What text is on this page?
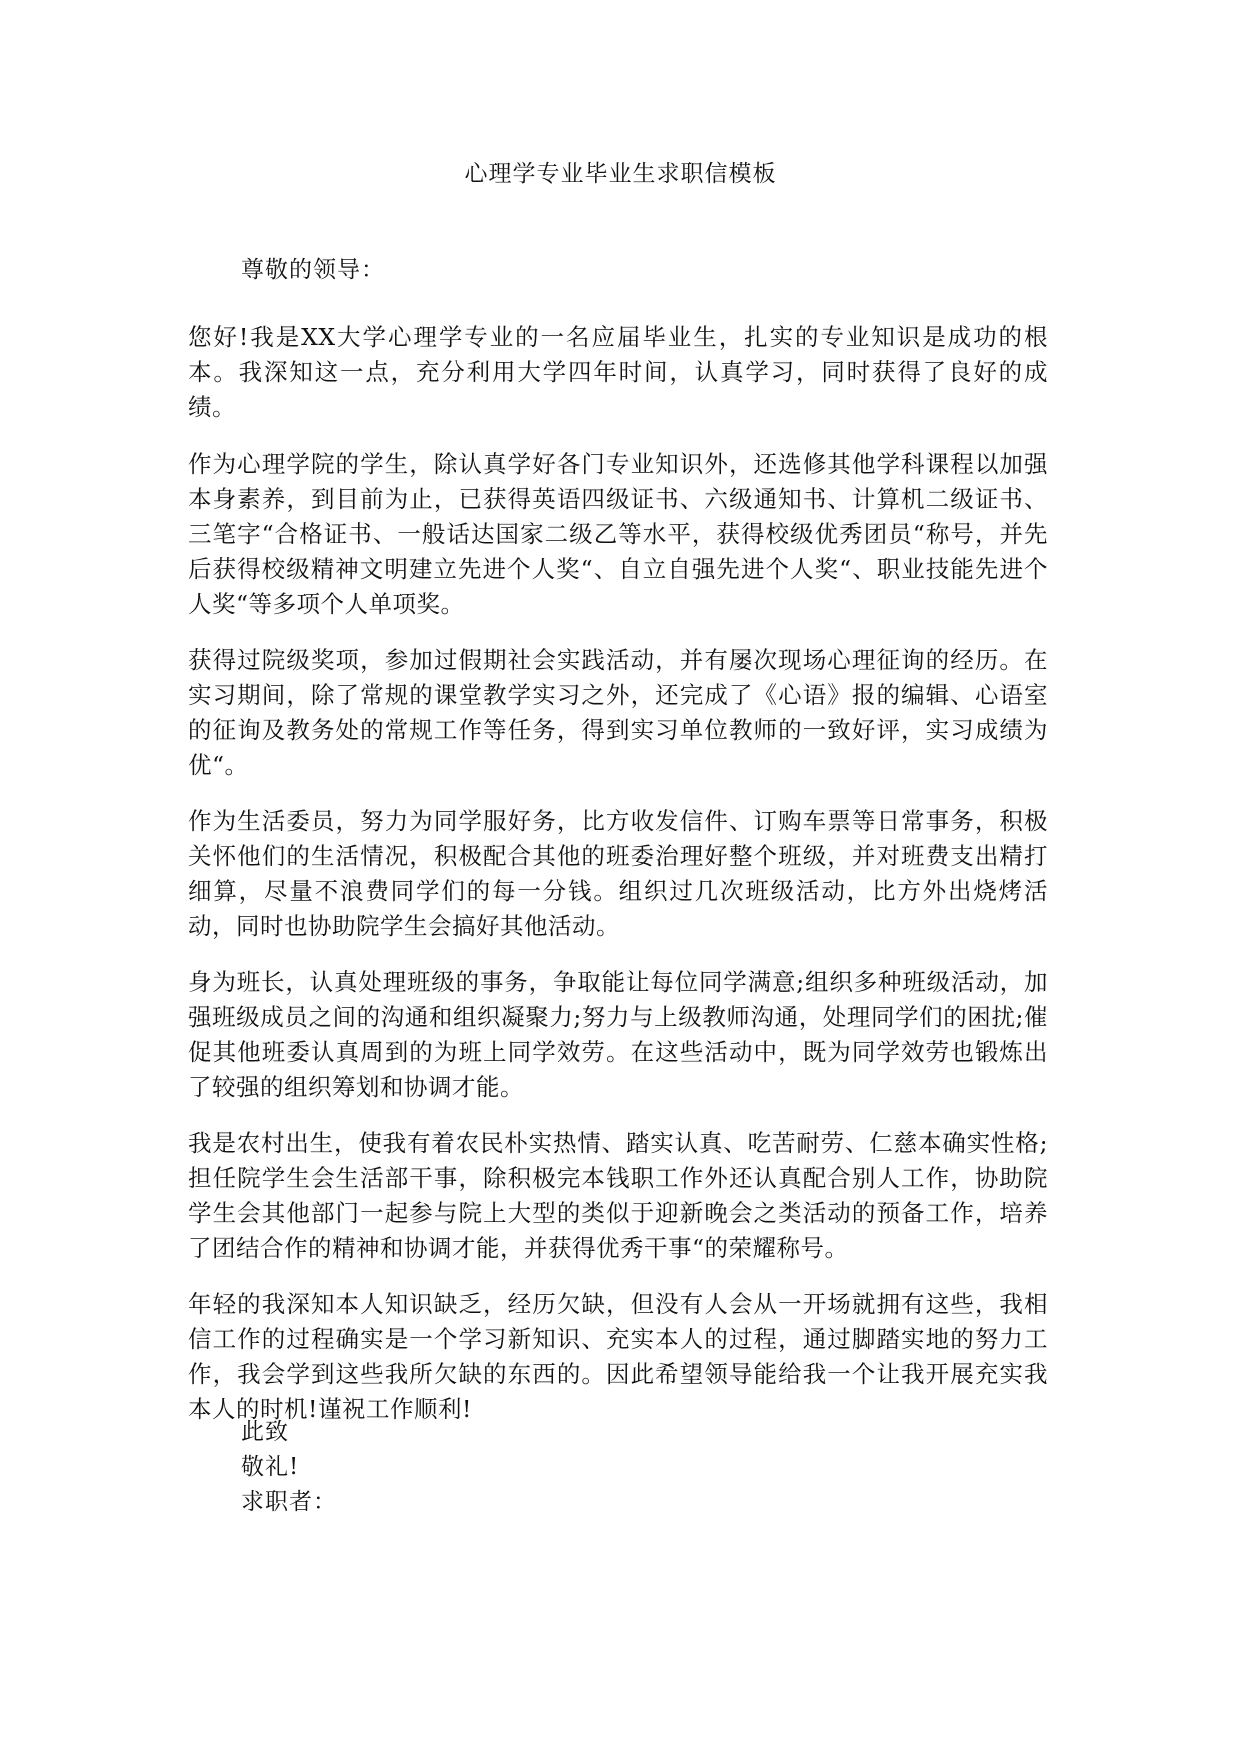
心理学专业毕业生求职信模板
尊敬的领导：
您好!我是XX大学心理学专业的一名应届毕业生，扎实的专业知识是成功的根本。我深知这一点，充分利用大学四年时间，认真学习，同时获得了良好的成绩。
作为心理学院的学生，除认真学好各门专业知识外，还选修其他学科课程以加强本身素养，到目前为止，已获得英语四级证书、六级通知书、计算机二级证书、三笔字“合格证书、一般话达国家二级乙等水平，获得校级优秀团员“称号，并先后获得校级精神文明建立先进个人奖“、自立自强先进个人奖“、职业技能先进个人奖“等多项个人单项奖。
获得过院级奖项，参加过假期社会实践活动，并有屡次现场心理征询的经历。在实习期间，除了常规的课堂教学实习之外，还完成了《心语》报的编辑、心语室的征询及教务处的常规工作等任务，得到实习单位教师的一致好评，实习成绩为优“。
作为生活委员，努力为同学服好务，比方收发信件、订购车票等日常事务，积极关怀他们的生活情况，积极配合其他的班委治理好整个班级，并对班费支出精打细算，尽量不浪费同学们的每一分钱。组织过几次班级活动，比方外出烧烤活动，同时也协助院学生会搞好其他活动。
身为班长，认真处理班级的事务，争取能让每位同学满意;组织多种班级活动，加强班级成员之间的沟通和组织凝聚力;努力与上级教师沟通，处理同学们的困扰;催促其他班委认真周到的为班上同学效劳。在这些活动中，既为同学效劳也锻炼出了较强的组织筹划和协调才能。
我是农村出生，使我有着农民朴实热情、踏实认真、吃苦耐劳、仁慈本确实性格;担任院学生会生活部干事，除积极完本钱职工作外还认真配合别人工作，协助院学生会其他部门一起参与院上大型的类似于迎新晚会之类活动的预备工作，培养了团结合作的精神和协调才能，并获得优秀干事“的荣耀称号。
年轻的我深知本人知识缺乏，经历欠缺，但没有人会从一开场就拥有这些，我相信工作的过程确实是一个学习新知识、充实本人的过程，通过脚踏实地的努力工作，我会学到这些我所欠缺的东西的。因此希望领导能给我一个让我开展充实我本人的时机!谨祝工作顺利!
此致
敬礼!
求职者：
